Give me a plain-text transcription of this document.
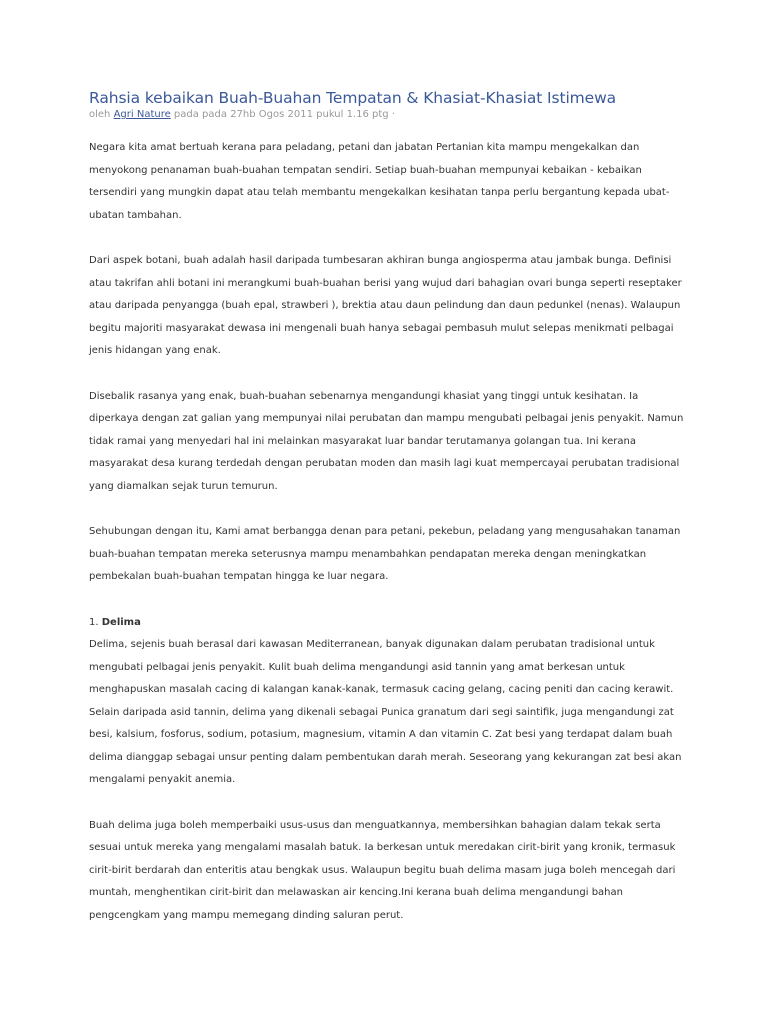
Rahsia kebaikan Buah-Buahan Tempatan & Khasiat-Khasiat Istimewa

oleh Agri Nature pada pada 27hb Ogos 2011 pukul 1.16 ptg ·

Negara kita amat bertuah kerana para peladang, petani dan jabatan Pertanian kita mampu mengekalkan dan menyokong penanaman buah-buahan tempatan sendiri. Setiap buah-buahan mempunyai kebaikan - kebaikan tersendiri yang mungkin dapat atau telah membantu mengekalkan kesihatan tanpa perlu bergantung kepada ubat-ubatan tambahan.

Dari aspek botani, buah adalah hasil daripada tumbesaran akhiran bunga angiosperma atau jambak bunga. Definisi atau takrifan ahli botani ini merangkumi buah-buahan berisi yang wujud dari bahagian ovari bunga seperti reseptaker atau daripada penyangga (buah epal, strawberi ), brektia atau daun pelindung dan daun pedunkel (nenas). Walaupun begitu majoriti masyarakat dewasa ini mengenali buah hanya sebagai pembasuh mulut selepas menikmati pelbagai jenis hidangan yang enak.

Disebalik rasanya yang enak, buah-buahan sebenarnya mengandungi khasiat yang tinggi untuk kesihatan. Ia diperkaya dengan zat galian yang mempunyai nilai perubatan dan mampu mengubati pelbagai jenis penyakit. Namun tidak ramai yang menyedari hal ini melainkan masyarakat luar bandar terutamanya golangan tua. Ini kerana masyarakat desa kurang terdedah dengan perubatan moden dan masih lagi kuat mempercayai perubatan tradisional yang diamalkan sejak turun temurun.

Sehubungan dengan itu, Kami amat berbangga denan para petani, pekebun, peladang yang mengusahakan tanaman buah-buahan tempatan mereka seterusnya mampu menambahkan pendapatan mereka dengan meningkatkan pembekalan buah-buahan tempatan hingga ke luar negara.

1. Delima

Delima, sejenis buah berasal dari kawasan Mediterranean, banyak digunakan dalam perubatan tradisional untuk mengubati pelbagai jenis penyakit. Kulit buah delima mengandungi asid tannin yang amat berkesan untuk menghapuskan masalah cacing di kalangan kanak-kanak, termasuk cacing gelang, cacing peniti dan cacing kerawit. Selain daripada asid tannin, delima yang dikenali sebagai Punica granatum dari segi saintifik, juga mengandungi zat besi, kalsium, fosforus, sodium, potasium, magnesium, vitamin A dan vitamin C. Zat besi yang terdapat dalam buah delima dianggap sebagai unsur penting dalam pembentukan darah merah. Seseorang yang kekurangan zat besi akan mengalami penyakit anemia.

Buah delima juga boleh memperbaiki usus-usus dan menguatkannya, membersihkan bahagian dalam tekak serta sesuai untuk mereka yang mengalami masalah batuk. Ia berkesan untuk meredakan cirit-birit yang kronik, termasuk cirit-birit berdarah dan enteritis atau bengkak usus. Walaupun begitu buah delima masam juga boleh mencegah dari muntah, menghentikan cirit-birit dan melawaskan air kencing.Ini kerana buah delima mengandungi bahan pengcengkam yang mampu memegang dinding saluran perut.
